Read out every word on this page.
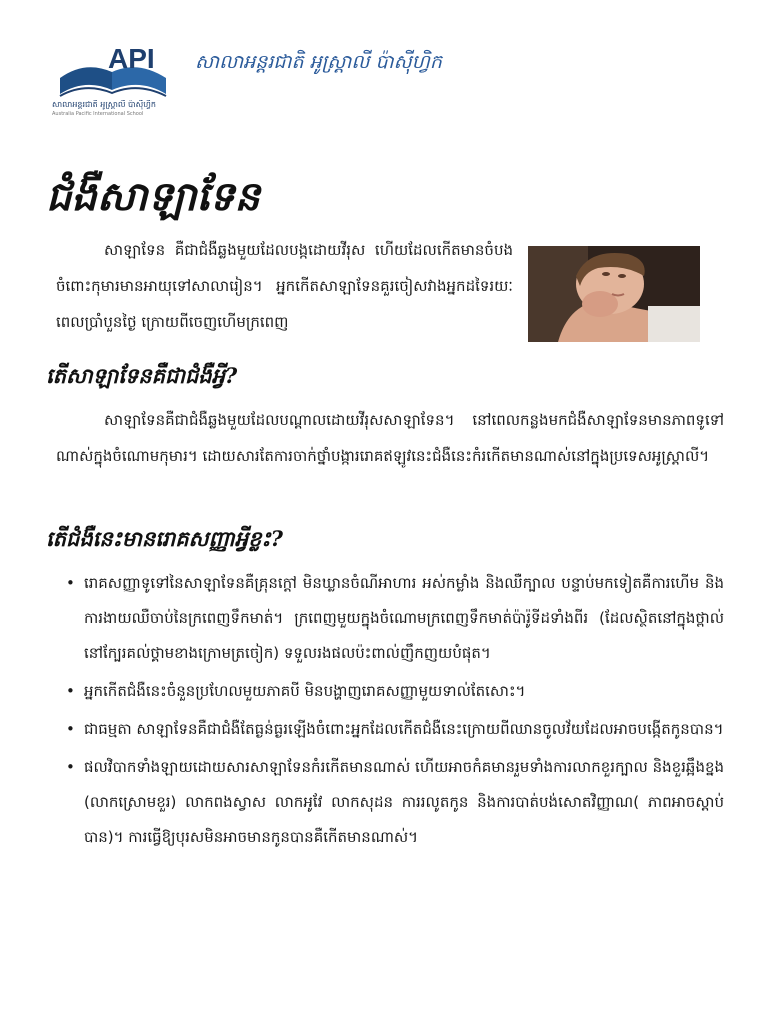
API
សាលាអន្តរជាតិ អូស្ត្រាលី ប៉ាស៊ីហ្វិក
Australia Pacific International School
សាលាអន្តរជាតិ អូស្ត្រាលី ប៉ាស៊ីហ្វិក
ជំងឺសាឡាទែន

សាឡាទែន គឺជាជំងឺឆ្លងមួយដែលបង្កដោយវីរុស ហើយដែលកើតមានចំបងចំពោះកុមារមានអាយុទៅសាលារៀន។ អ្នកកើតសាឡាទែនគួរចៀសវាងអ្នកដទៃរយៈពេលប្រាំបួនថ្ងៃ ក្រោយពីចេញហើមក្រពេញ

តើសាឡាទែនគឺជាជំងឺអ្វី?

សាឡាទែនគឺជាជំងឺឆ្លងមួយដែលបណ្តាលដោយវីរុសសាឡាទែន។ នៅពេលកន្លងមកជំងឺសាឡាទែនមានភាពទូទៅណាស់ក្នុងចំណោមកុមារ។ ដោយសារតែការចាក់ថ្នាំបង្ការរោគឥឡូវនេះជំងឺនេះកំរកើតមានណាស់នៅក្នុងប្រទេសអូស្ត្រាលី។

តើជំងឺនេះមានរោគសញ្ញាអ្វីខ្លះ?
• រោគសញ្ញាទូទៅនៃសាឡាទែនគឺគ្រុនក្តៅ មិនឃ្លានចំណីអាហារ អស់កម្លាំង និងឈឺក្បាល បន្ទាប់មកទៀតគឺការហើម និងការងាយឈឺចាប់នៃក្រពេញទឹកមាត់។ ក្រពេញមួយក្នុងចំណោមក្រពេញទឹកមាត់ប៉ារ៉ូទីដទាំងពីរ (ដែលស្ថិតនៅក្នុងថ្ពាល់នៅក្បែរគល់ថ្គាមខាងក្រោមត្រចៀក) ទទួលរងផលប៉ះពាល់ញឹកញយបំផុត។
• អ្នកកើតជំងឺនេះចំនួនប្រហែលមួយភាគបី មិនបង្ហាញរោគសញ្ញាមួយទាល់តែសោះ។
• ជាធម្មតា សាឡាទែនគឺជាជំងឺតែធ្ងន់ធ្ងរឡើងចំពោះអ្នកដែលកើតជំងឺនេះក្រោយពីឈានចូលវ័យដែលអាចបង្កើតកូនបាន។
• ផលវិបាកទាំងឡាយដោយសារសាឡាទែនកំរកើតមានណាស់ ហើយអាចកំគមានរួមទាំងការលាកខួរក្បាល និងខួរឆ្អឹងខ្នង (លាកស្រោមខួរ) លាកពងស្វាស លាកអូវែ លាកសុដន ការរលូតកូន និងការបាត់បង់សោតវិញ្ញាណ( ភាពអាចស្តាប់បាន)។ ការធ្វើឱ្យបុរសមិនអាចមានកូនបានគឺកើតមានណាស់។
